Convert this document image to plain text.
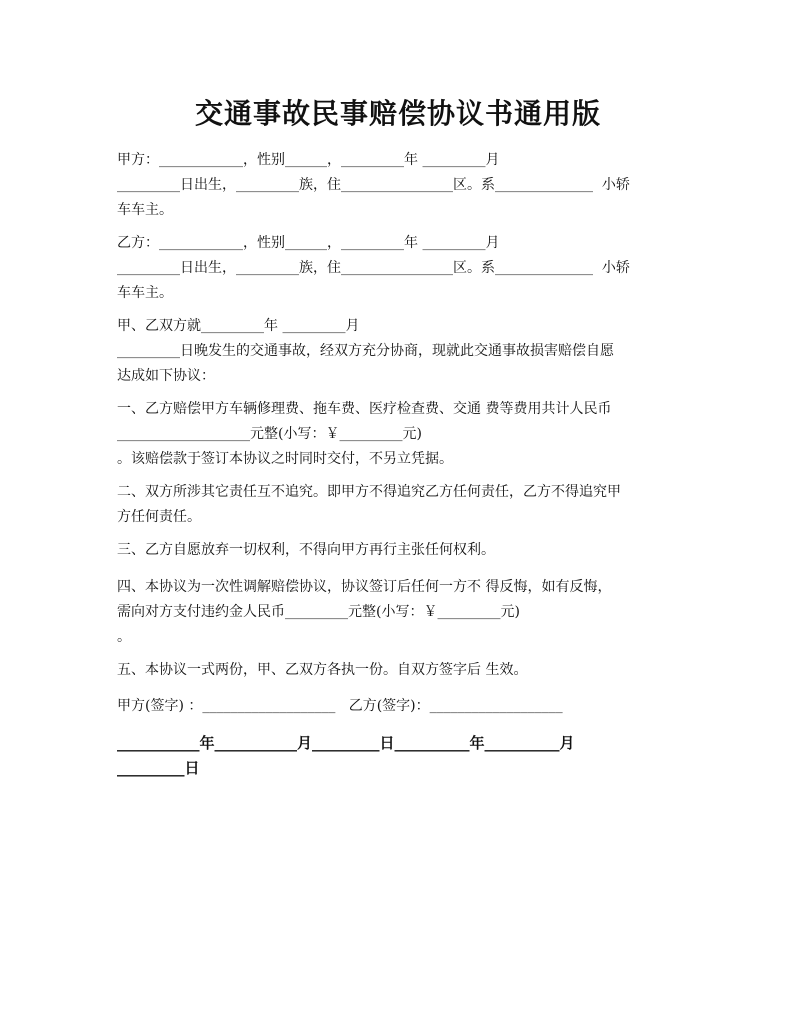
交通事故民事赔偿协议书通用版

甲方：____________，性别______，_________年 _________月
_________日出生，_________族，住________________区。系______________  小轿
车车主。

乙方：____________，性别______，_________年 _________月
_________日出生，_________族，住________________区。系______________  小轿
车车主。

甲、乙双方就_________年 _________月
_________日晚发生的交通事故，经双方充分协商，现就此交通事故损害赔偿自愿
达成如下协议：

一、乙方赔偿甲方车辆修理费、拖车费、医疗检查费、交通 费等费用共计人民币
___________________元整(小写：￥_________元)
。该赔偿款于签订本协议之时同时交付，不另立凭据。

二、双方所涉其它责任互不追究。即甲方不得追究乙方任何责任，乙方不得追究甲
方任何责任。

三、乙方自愿放弃一切权利，不得向甲方再行主张任何权利。

四、本协议为一次性调解赔偿协议，协议签订后任何一方不 得反悔，如有反悔，
需向对方支付违约金人民币_________元整(小写：￥_________元)
。

五、本协议一式两份，甲、乙双方各执一份。自双方签字后 生效。

甲方(签字) ：___________________   乙方(签字)：___________________

___________年___________月_________日__________年__________月
_________日
